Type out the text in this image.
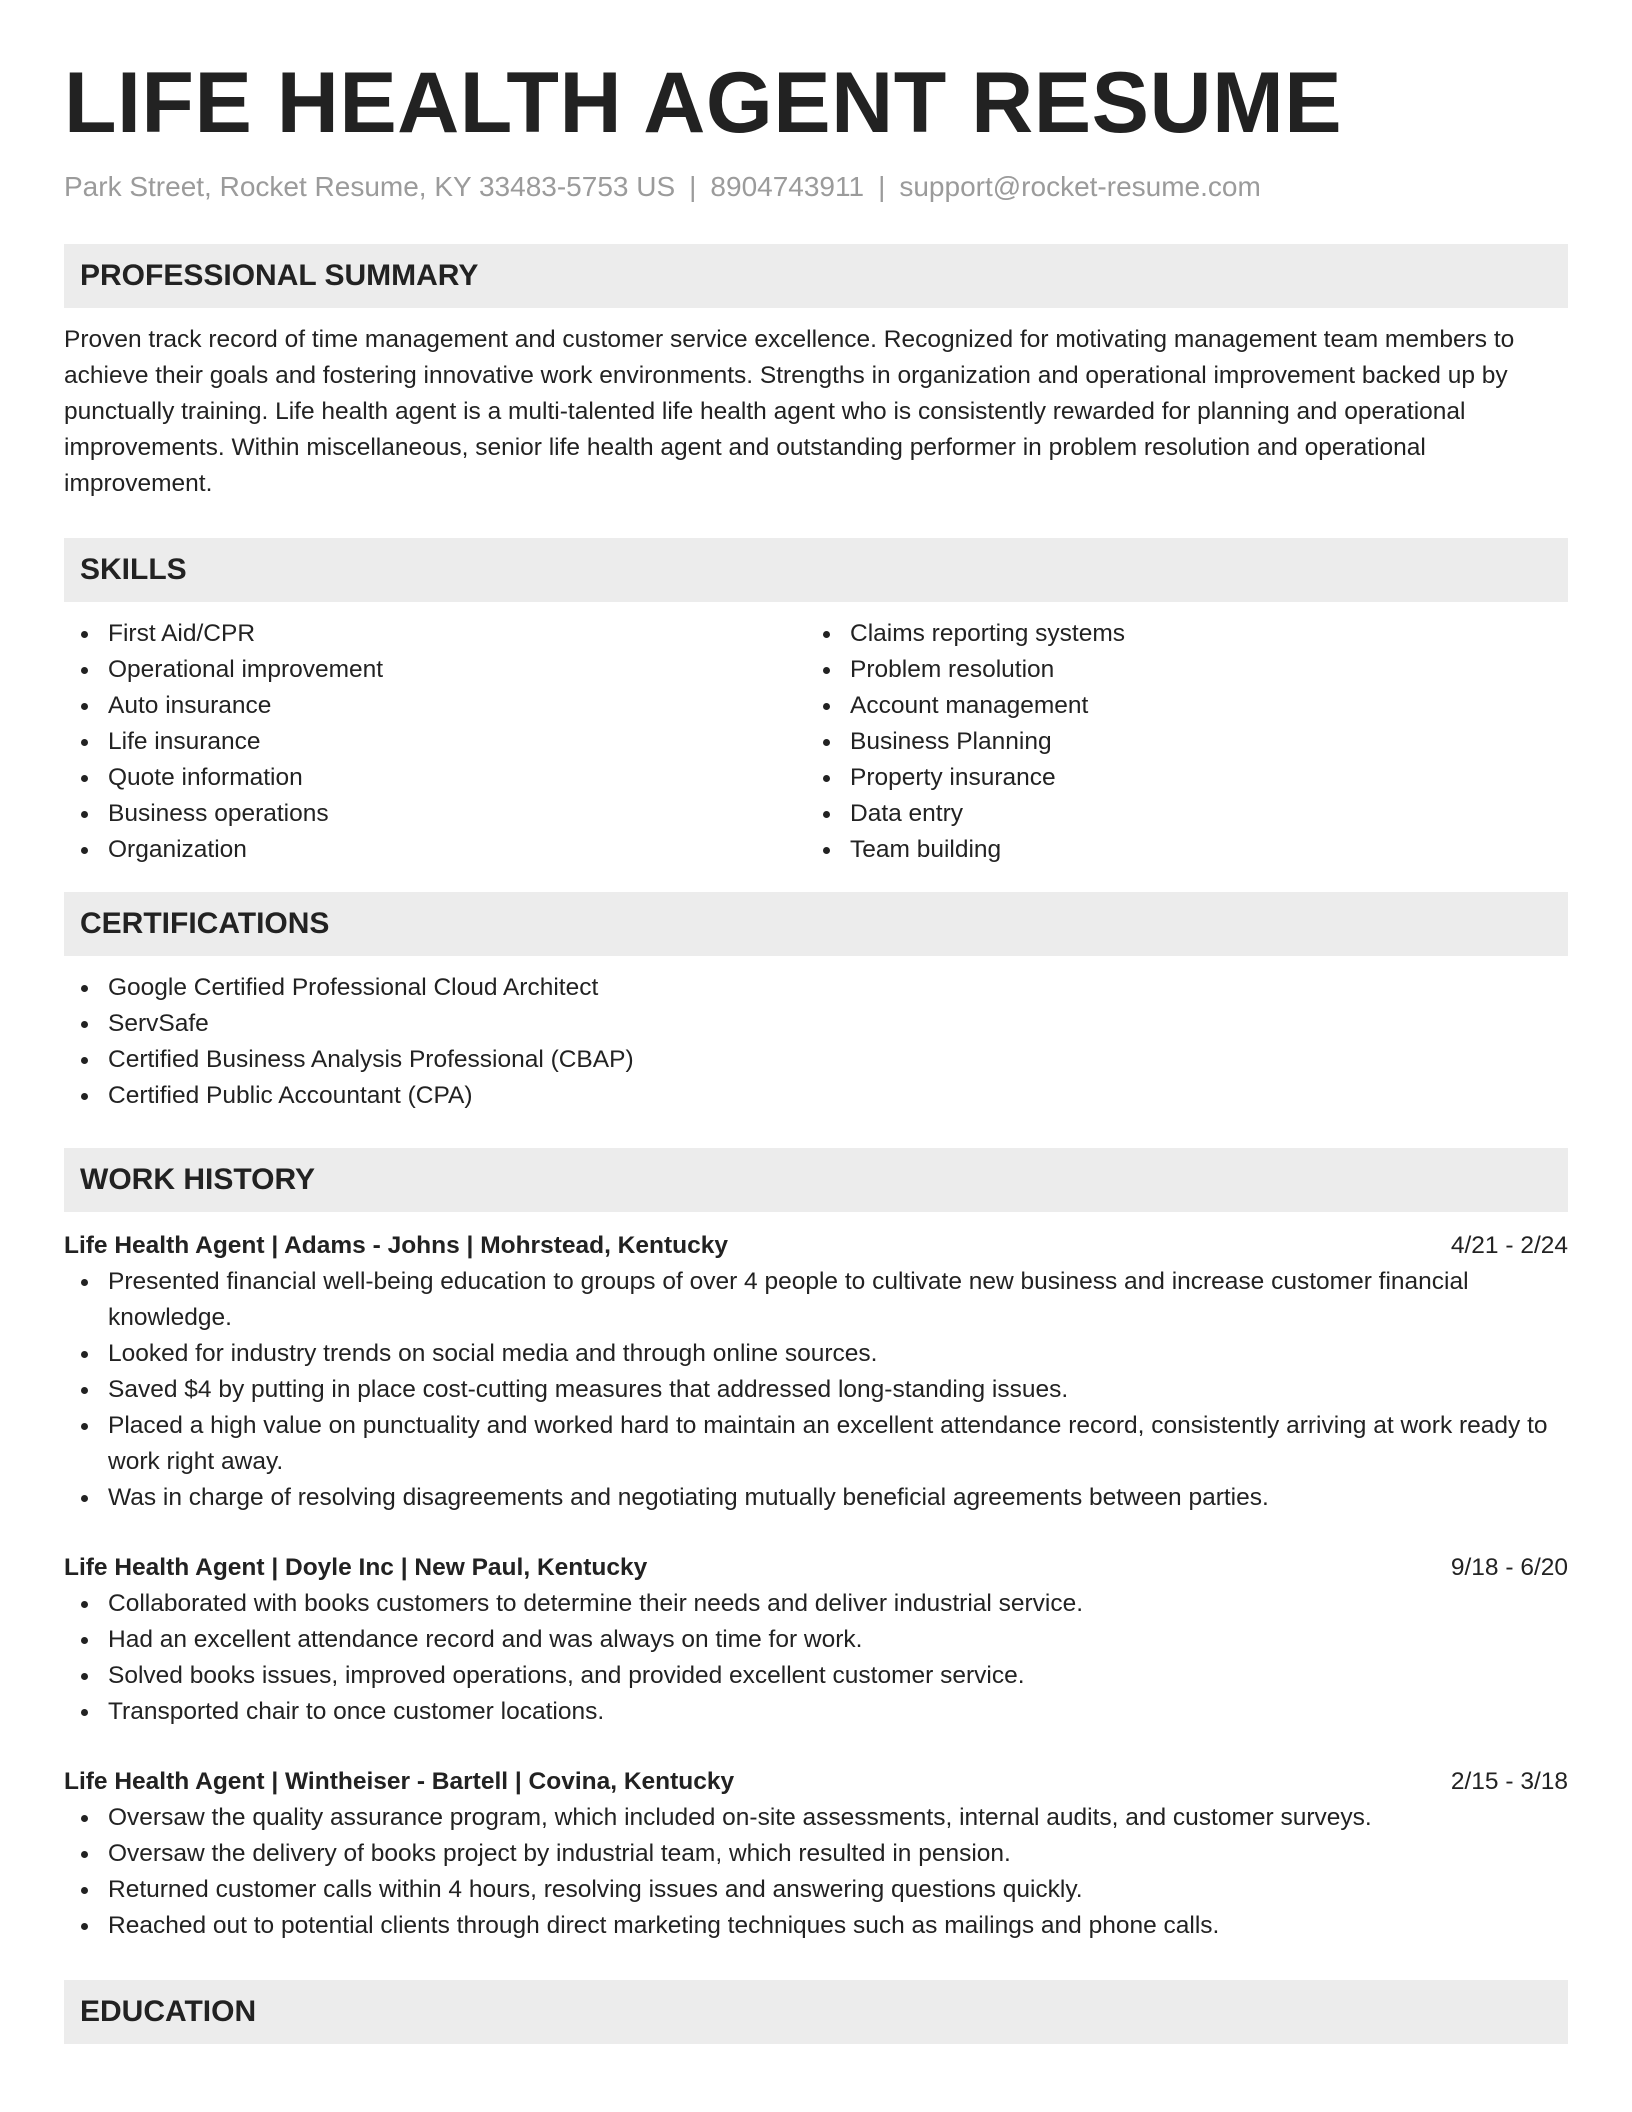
LIFE HEALTH AGENT RESUME
Park Street, Rocket Resume, KY 33483-5753 US | 8904743911 | support@rocket-resume.com
PROFESSIONAL SUMMARY

Proven track record of time management and customer service excellence. Recognized for motivating management team members to achieve their goals and fostering innovative work environments. Strengths in organization and operational improvement backed up by punctually training. Life health agent is a multi-talented life health agent who is consistently rewarded for planning and operational improvements. Within miscellaneous, senior life health agent and outstanding performer in problem resolution and operational improvement.

SKILLS
First Aid/CPR
Operational improvement
Auto insurance
Life insurance
Quote information
Business operations
Organization
Claims reporting systems
Problem resolution
Account management
Business Planning
Property insurance
Data entry
Team building
CERTIFICATIONS
Google Certified Professional Cloud Architect
ServSafe
Certified Business Analysis Professional (CBAP)
Certified Public Accountant (CPA)
WORK HISTORY
Life Health Agent | Adams - Johns | Mohrstead, Kentucky	4/21 - 2/24
Presented financial well-being education to groups of over 4 people to cultivate new business and increase customer financial knowledge.
Looked for industry trends on social media and through online sources.
Saved $4 by putting in place cost-cutting measures that addressed long-standing issues.
Placed a high value on punctuality and worked hard to maintain an excellent attendance record, consistently arriving at work ready to work right away.
Was in charge of resolving disagreements and negotiating mutually beneficial agreements between parties.
Life Health Agent | Doyle Inc | New Paul, Kentucky	9/18 - 6/20
Collaborated with books customers to determine their needs and deliver industrial service.
Had an excellent attendance record and was always on time for work.
Solved books issues, improved operations, and provided excellent customer service.
Transported chair to once customer locations.
Life Health Agent | Wintheiser - Bartell | Covina, Kentucky	2/15 - 3/18
Oversaw the quality assurance program, which included on-site assessments, internal audits, and customer surveys.
Oversaw the delivery of books project by industrial team, which resulted in pension.
Returned customer calls within 4 hours, resolving issues and answering questions quickly.
Reached out to potential clients through direct marketing techniques such as mailings and phone calls.
EDUCATION
